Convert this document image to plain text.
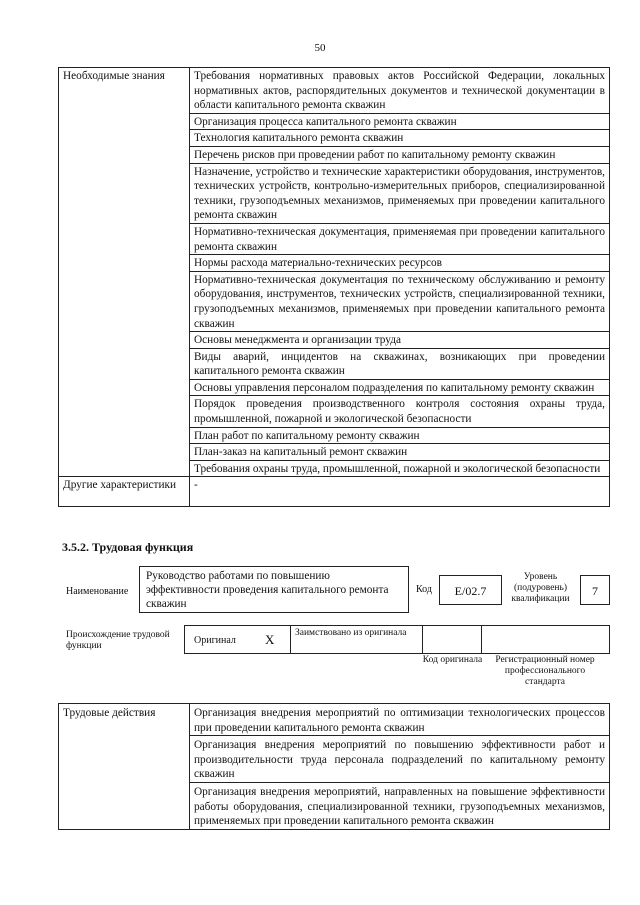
50
Необходимые знания	Требования нормативных правовых актов Российской Федерации, локальных нормативных актов, распорядительных документов и технической документации в области капитального ремонта скважин
	Организация процесса капитального ремонта скважин
	Технология капитального ремонта скважин
	Перечень рисков при проведении работ по капитальному ремонту скважин
	Назначение, устройство и технические характеристики оборудования, инструментов, технических устройств, контрольно-измерительных приборов, специализированной техники, грузоподъемных механизмов, применяемых при проведении капитального ремонта скважин
	Нормативно-техническая документация, применяемая при проведении капитального ремонта скважин
	Нормы расхода материально-технических ресурсов
	Нормативно-техническая документация по техническому обслуживанию и ремонту оборудования, инструментов, технических устройств, специализированной техники, грузоподъемных механизмов, применяемых при проведении капитального ремонта скважин
	Основы менеджмента и организации труда
	Виды аварий, инцидентов на скважинах, возникающих при проведении капитального ремонта скважин
	Основы управления персоналом подразделения по капитальному ремонту скважин
	Порядок проведения производственного контроля состояния охраны труда, промышленной, пожарной и экологической безопасности
	План работ по капитальному ремонту скважин
	План-заказ на капитальный ремонт скважин
	Требования охраны труда, промышленной, пожарной и экологической безопасности
Другие характеристики	-
3.5.2. Трудовая функция
Наименование
Руководство работами по повышению эффективности проведения капитального ремонта скважин
Код	E/02.7
Уровень (подуровень) квалификации
7
Происхождение трудовой функции	Оригинал X Заимствовано из оригинала
Код оригинала	Регистрационный номер профессионального стандарта
Трудовые действия	Организация внедрения мероприятий по оптимизации технологических процессов при проведении капитального ремонта скважин
Организация внедрения мероприятий по повышению эффективности работ и производительности труда персонала подразделений по капитальному ремонту скважин
Организация внедрения мероприятий, направленных на повышение эффективности работы оборудования, специализированной техники, грузоподъемных механизмов, применяемых при проведении капитального ремонта скважин
